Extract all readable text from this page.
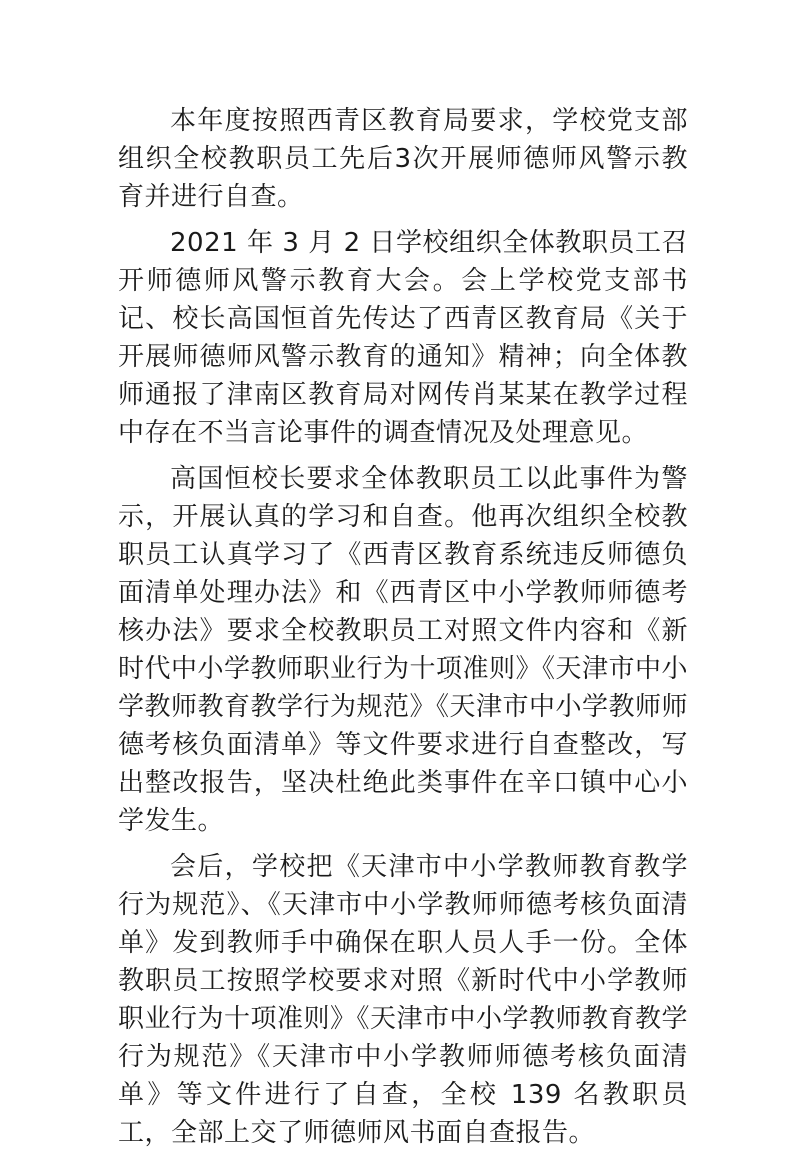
本年度按照西青区教育局要求，学校党支部组织全校教职员工先后3次开展师德师风警示教育并进行自查。

2021 年 3 月 2 日学校组织全体教职员工召开师德师风警示教育大会。会上学校党支部书记、校长高国恒首先传达了西青区教育局《关于开展师德师风警示教育的通知》精神；向全体教师通报了津南区教育局对网传肖某某在教学过程中存在不当言论事件的调查情况及处理意见。

高国恒校长要求全体教职员工以此事件为警示，开展认真的学习和自查。他再次组织全校教职员工认真学习了《西青区教育系统违反师德负面清单处理办法》和《西青区中小学教师师德考核办法》要求全校教职员工对照文件内容和《新时代中小学教师职业行为十项准则》《天津市中小学教师教育教学行为规范》《天津市中小学教师师德考核负面清单》等文件要求进行自查整改，写出整改报告，坚决杜绝此类事件在辛口镇中心小学发生。

会后，学校把《天津市中小学教师教育教学行为规范》、《天津市中小学教师师德考核负面清单》发到教师手中确保在职人员人手一份。全体教职员工按照学校要求对照《新时代中小学教师职业行为十项准则》《天津市中小学教师教育教学行为规范》《天津市中小学教师师德考核负面清单》等文件进行了自查，全校 139 名教职员工，全部上交了师德师风书面自查报告。
